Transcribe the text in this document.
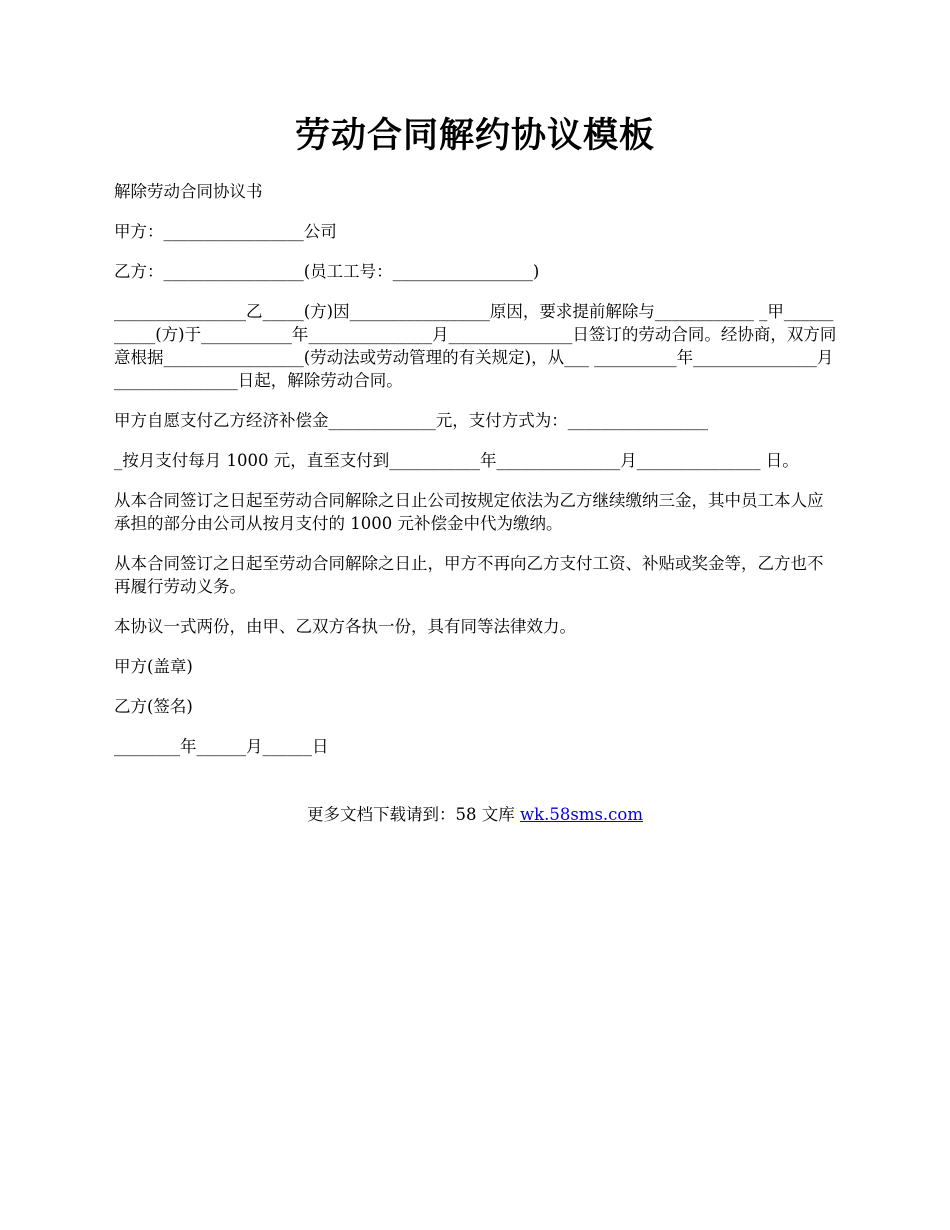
劳动合同解约协议模板

解除劳动合同协议书

甲方：_________________公司

乙方：_________________(员工工号：_________________)

________________乙_____(方)因_________________原因，要求提前解除与____________ _甲___________(方)于___________年_______________月_______________日签订的劳动合同。经协商，双方同意根据_________________(劳动法或劳动管理的有关规定)，从___ __________年_______________月_______________日起，解除劳动合同。

甲方自愿支付乙方经济补偿金_____________元，支付方式为：_________________

_按月支付每月 1000 元，直至支付到___________年_______________月_______________ 日。

从本合同签订之日起至劳动合同解除之日止公司按规定依法为乙方继续缴纳三金，其中员工本人应承担的部分由公司从按月支付的 1000 元补偿金中代为缴纳。

从本合同签订之日起至劳动合同解除之日止，甲方不再向乙方支付工资、补贴或奖金等，乙方也不再履行劳动义务。

本协议一式两份，由甲、乙双方各执一份，具有同等法律效力。

甲方(盖章)

乙方(签名)

________年______月______日

更多文档下载请到：58 文库 wk.58sms.com
